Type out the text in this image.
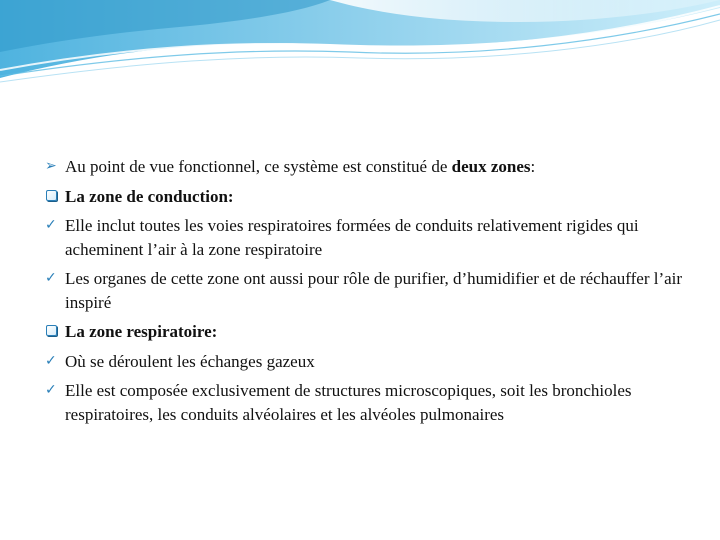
➢ Au point de vue fonctionnel, ce système est constitué de deux zones:
La zone de conduction:
✓ Elle inclut toutes les voies respiratoires formées de conduits relativement rigides qui acheminent l’air à la zone respiratoire
✓ Les organes de cette zone ont aussi pour rôle de purifier, d’humidifier et de réchauffer l’air inspiré
La zone respiratoire:
✓ Où se déroulent les échanges gazeux
✓ Elle est composée exclusivement de structures microscopiques, soit les bronchioles respiratoires, les conduits alvéolaires et les alvéoles pulmonaires
